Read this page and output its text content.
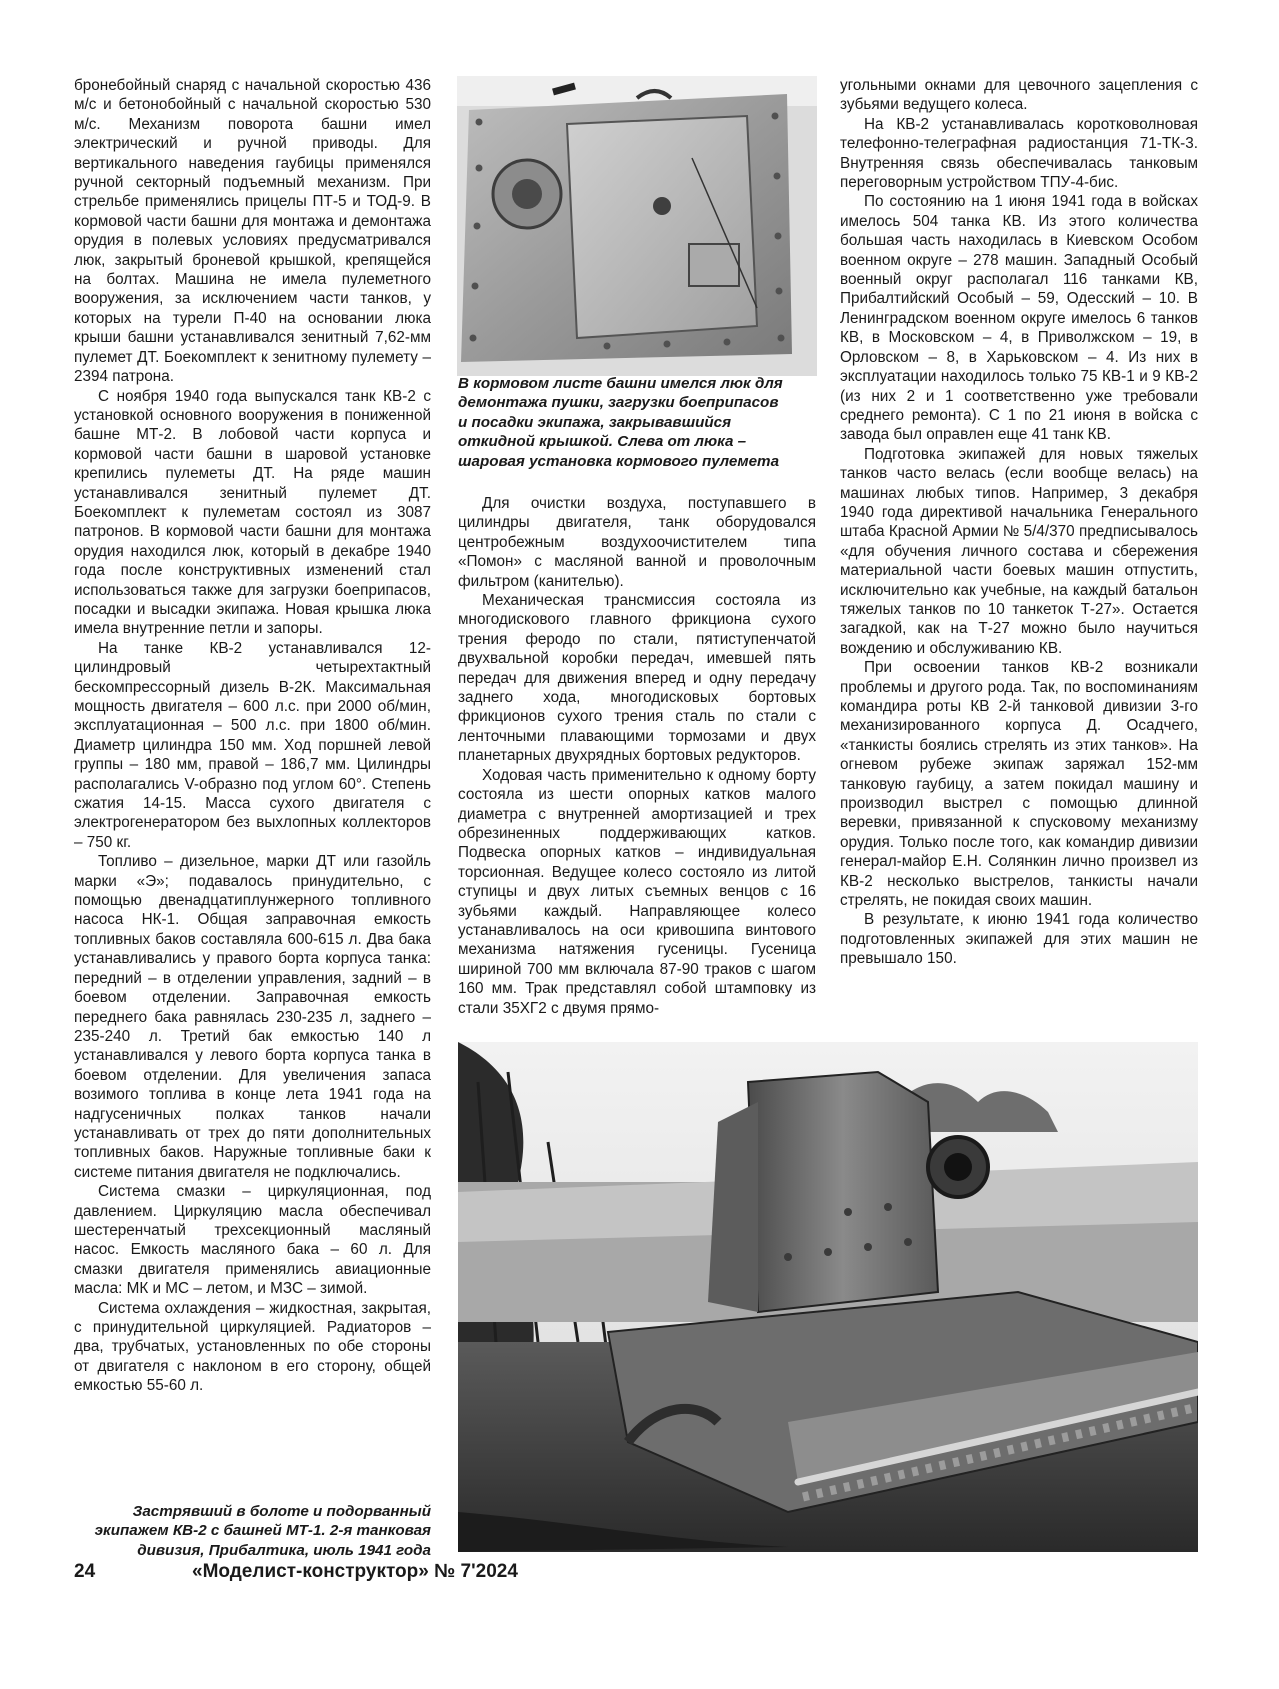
бронебойный снаряд с начальной скоростью 436 м/с и бетонобойный с начальной скоростью 530 м/с. Механизм поворота башни имел электрический и ручной приводы. Для вертикального наведения гаубицы применялся ручной секторный подъемный механизм. При стрельбе применялись прицелы ПТ-5 и ТОД-9. В кормовой части башни для монтажа и демонтажа орудия в полевых условиях предусматривался люк, закрытый броневой крышкой, крепящейся на болтах. Машина не имела пулеметного вооружения, за исключением части танков, у которых на турели П-40 на основании люка крыши башни устанавливался зенитный 7,62-мм пулемет ДТ. Боекомплект к зенитному пулемету – 2394 патрона.

С ноября 1940 года выпускался танк КВ-2 с установкой основного вооружения в пониженной башне МТ-2. В лобовой части корпуса и кормовой части башни в шаровой установке крепились пулеметы ДТ. На ряде машин устанавливался зенитный пулемет ДТ. Боекомплект к пулеметам состоял из 3087 патронов. В кормовой части башни для монтажа орудия находился люк, который в декабре 1940 года после конструктивных изменений стал использоваться также для загрузки боеприпасов, посадки и высадки экипажа. Новая крышка люка имела внутренние петли и запоры.

На танке КВ-2 устанавливался 12-цилиндровый четырехтактный бескомпрессорный дизель В-2К. Максимальная мощность двигателя – 600 л.с. при 2000 об/мин, эксплуатационная – 500 л.с. при 1800 об/мин. Диаметр цилиндра 150 мм. Ход поршней левой группы – 180 мм, правой – 186,7 мм. Цилиндры располагались V-образно под углом 60°. Степень сжатия 14-15. Масса сухого двигателя с электрогенератором без выхлопных коллекторов – 750 кг.

Топливо – дизельное, марки ДТ или газойль марки «Э»; подавалось принудительно, с помощью двенадцатиплунжерного топливного насоса НК-1. Общая заправочная емкость топливных баков составляла 600-615 л. Два бака устанавливались у правого борта корпуса танка: передний – в отделении управления, задний – в боевом отделении. Заправочная емкость переднего бака равнялась 230-235 л, заднего – 235-240 л. Третий бак емкостью 140 л устанавливался у левого борта корпуса танка в боевом отделении. Для увеличения запаса возимого топлива в конце лета 1941 года на надгусеничных полках танков начали устанавливать от трех до пяти дополнительных топливных баков. Наружные топливные баки к системе питания двигателя не подключались.

Система смазки – циркуляционная, под давлением. Циркуляцию масла обеспечивал шестеренчатый трехсекционный масляный насос. Емкость масляного бака – 60 л. Для смазки двигателя применялись авиационные масла: МК и МС – летом, и МЗС – зимой.

Система охлаждения – жидкостная, закрытая, с принудительной циркуляцией. Радиаторов – два, трубчатых, установленных по обе стороны от двигателя с наклоном в его сторону, общей емкостью 55-60 л.

В кормовом листе башни имелся люк для
демонтажа пушки, загрузки боеприпасов
и посадки экипажа, закрывавшийся
откидной крышкой. Слева от люка –
шаровая установка кормового пулемета

Для очистки воздуха, поступавшего в цилиндры двигателя, танк оборудовался центробежным воздухоочистителем типа «Помон» с масляной ванной и проволочным фильтром (канителью).

Механическая трансмиссия состояла из многодискового главного фрикциона сухого трения феродо по стали, пятиступенчатой двухвальной коробки передач, имевшей пять передач для движения вперед и одну передачу заднего хода, многодисковых бортовых фрикционов сухого трения сталь по стали с ленточными плавающими тормозами и двух планетарных двухрядных бортовых редукторов.

Ходовая часть применительно к одному борту состояла из шести опорных катков малого диаметра с внутренней амортизацией и трех обрезиненных поддерживающих катков. Подвеска опорных катков – индивидуальная торсионная. Ведущее колесо состояло из литой ступицы и двух литых съемных венцов с 16 зубьями каждый. Направляющее колесо устанавливалось на оси кривошипа винтового механизма натяжения гусеницы. Гусеница шириной 700 мм включала 87-90 траков с шагом 160 мм. Трак представлял собой штамповку из стали 35ХГ2 с двумя прямо-

угольными окнами для цевочного зацепления с зубьями ведущего колеса.

На КВ-2 устанавливалась коротковолновая телефонно-телеграфная радиостанция 71-ТК-3. Внутренняя связь обеспечивалась танковым переговорным устройством ТПУ-4-бис.

По состоянию на 1 июня 1941 года в войсках имелось 504 танка КВ. Из этого количества большая часть находилась в Киевском Особом военном округе – 278 машин. Западный Особый военный округ располагал 116 танками КВ, Прибалтийский Особый – 59, Одесский – 10. В Ленинградском военном округе имелось 6 танков КВ, в Московском – 4, в Приволжском – 19, в Орловском – 8, в Харьковском – 4. Из них в эксплуатации находилось только 75 КВ-1 и 9 КВ-2 (из них 2 и 1 соответственно уже требовали среднего ремонта). С 1 по 21 июня в войска с завода был оправлен еще 41 танк КВ.

Подготовка экипажей для новых тяжелых танков часто велась (если вообще велась) на машинах любых типов. Например, 3 декабря 1940 года директивой начальника Генерального штаба Красной Армии № 5/4/370 предписывалось «для обучения личного состава и сбережения материальной части боевых машин отпустить, исключительно как учебные, на каждый батальон тяжелых танков по 10 танкеток Т-27». Остается загадкой, как на Т-27 можно было научиться вождению и обслуживанию КВ.

При освоении танков КВ-2 возникали проблемы и другого рода. Так, по воспоминаниям командира роты КВ 2-й танковой дивизии 3-го механизированного корпуса Д. Осадчего, «танкисты боялись стрелять из этих танков». На огневом рубеже экипаж заряжал 152-мм танковую гаубицу, а затем покидал машину и производил выстрел с помощью длинной веревки, привязанной к спусковому механизму орудия. Только после того, как командир дивизии генерал-майор Е.Н. Солянкин лично произвел из КВ-2 несколько выстрелов, танкисты начали стрелять, не покидая своих машин.

В результате, к июню 1941 года количество подготовленных экипажей для этих машин не превышало 150.

Застрявший в болоте и подорванный
экипажем КВ-2 с башней МТ-1. 2-я танковая
дивизия, Прибалтика, июль 1941 года
24	«Моделист-конструктор» № 7'2024
